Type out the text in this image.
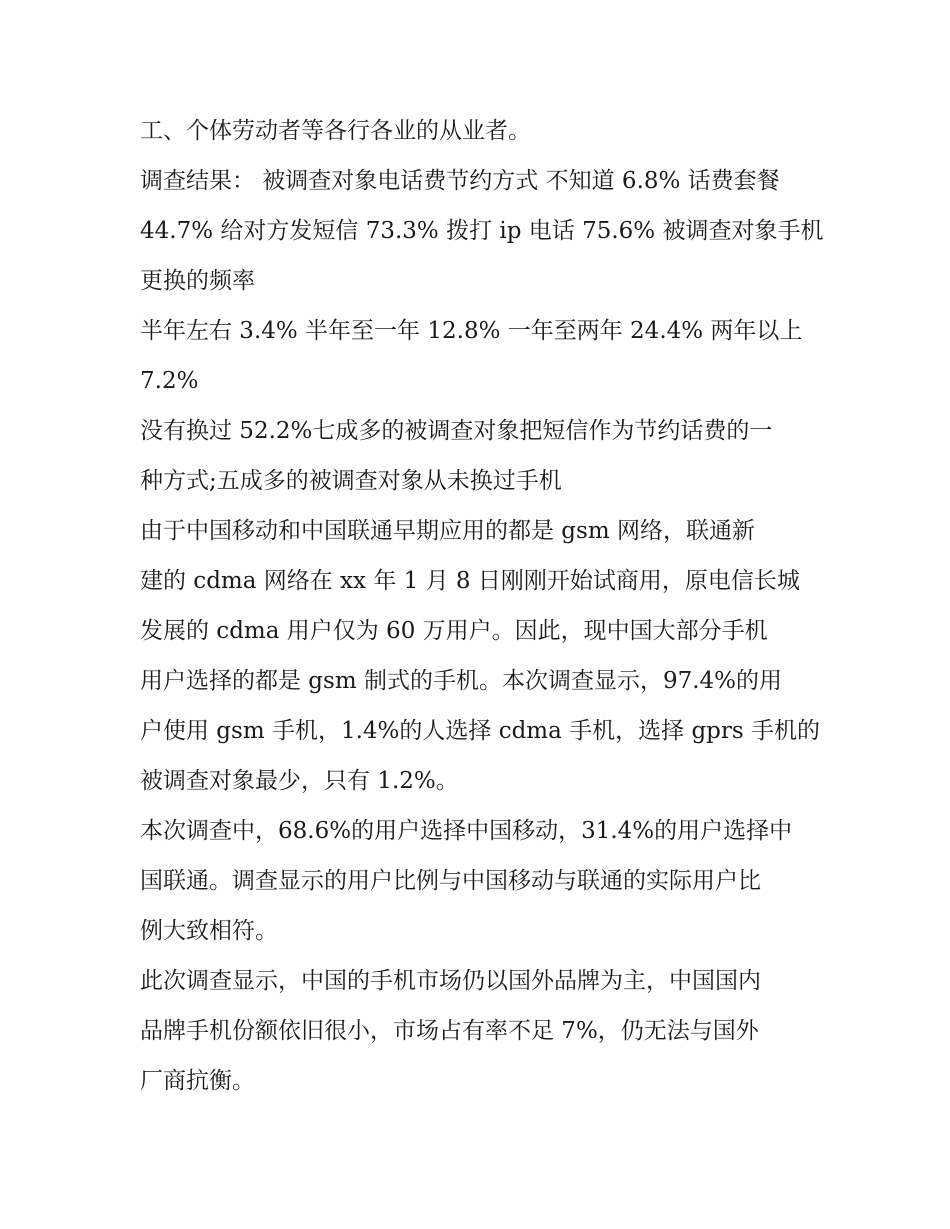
工、个体劳动者等各行各业的从业者。

调查结果： 被调查对象电话费节约方式 不知道 6.8% 话费套餐
44.7% 给对方发短信 73.3% 拨打 ip 电话 75.6% 被调查对象手机
更换的频率

半年左右 3.4% 半年至一年 12.8% 一年至两年 24.4% 两年以上
7.2%

没有换过 52.2%七成多的被调查对象把短信作为节约话费的一
种方式;五成多的被调查对象从未换过手机

由于中国移动和中国联通早期应用的都是 gsm 网络，联通新
建的 cdma 网络在 xx 年 1 月 8 日刚刚开始试商用，原电信长城
发展的 cdma 用户仅为 60 万用户。因此，现中国大部分手机
用户选择的都是 gsm 制式的手机。本次调查显示，97.4%的用
户使用 gsm 手机，1.4%的人选择 cdma 手机，选择 gprs 手机的
被调查对象最少，只有 1.2%。

本次调查中，68.6%的用户选择中国移动，31.4%的用户选择中
国联通。调查显示的用户比例与中国移动与联通的实际用户比
例大致相符。

此次调查显示，中国的手机市场仍以国外品牌为主，中国国内
品牌手机份额依旧很小，市场占有率不足 7%，仍无法与国外
厂商抗衡。
